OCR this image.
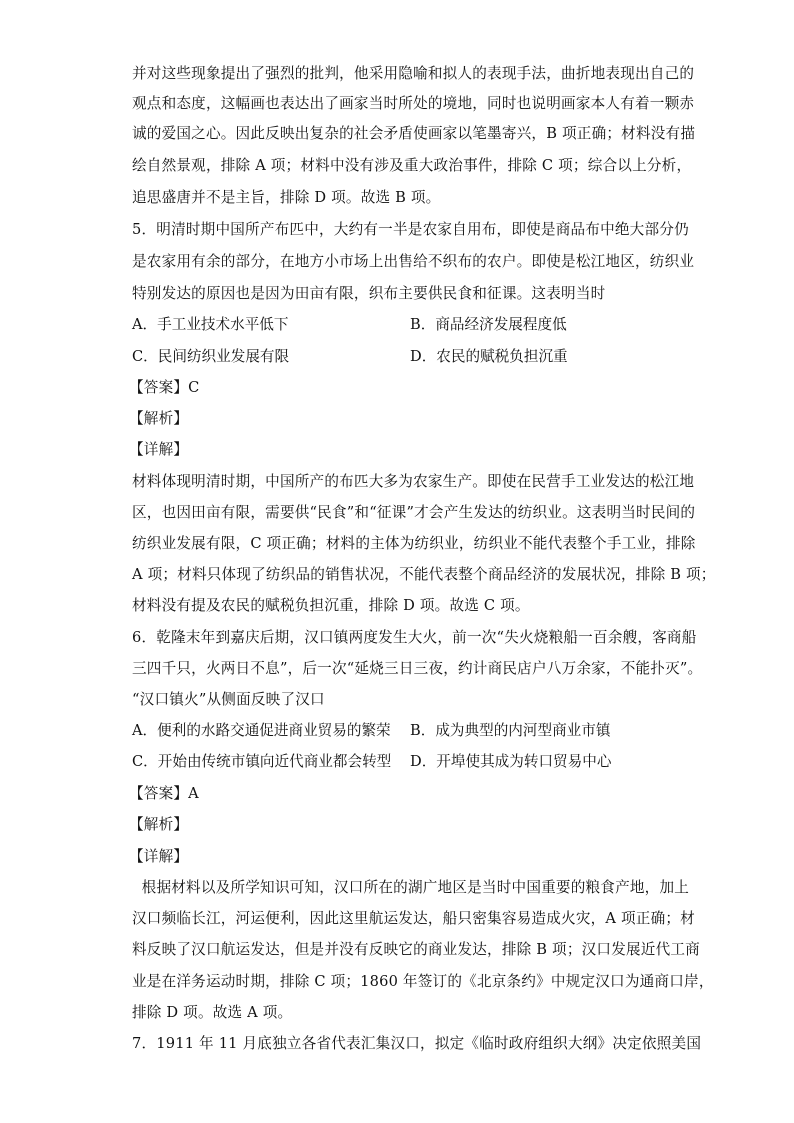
并对这些现象提出了强烈的批判，他采用隐喻和拟人的表现手法，曲折地表现出自己的
观点和态度，这幅画也表达出了画家当时所处的境地，同时也说明画家本人有着一颗赤
诚的爱国之心。因此反映出复杂的社会矛盾使画家以笔墨寄兴，B 项正确；材料没有描
绘自然景观，排除 A 项；材料中没有涉及重大政治事件，排除 C 项；综合以上分析，
追思盛唐并不是主旨，排除 D 项。故选 B 项。
5．明清时期中国所产布匹中，大约有一半是农家自用布，即使是商品布中绝大部分仍
是农家用有余的部分，在地方小市场上出售给不织布的农户。即使是松江地区，纺织业
特别发达的原因也是因为田亩有限，织布主要供民食和征课。这表明当时
A．手工业技术水平低下	B．商品经济发展程度低
C．民间纺织业发展有限	D．农民的赋税负担沉重
【答案】C
【解析】
【详解】
材料体现明清时期，中国所产的布匹大多为农家生产。即使在民营手工业发达的松江地
区，也因田亩有限，需要供“民食”和“征课”才会产生发达的纺织业。这表明当时民间的
纺织业发展有限，C 项正确；材料的主体为纺织业，纺织业不能代表整个手工业，排除
A 项；材料只体现了纺织品的销售状况，不能代表整个商品经济的发展状况，排除 B 项；
材料没有提及农民的赋税负担沉重，排除 D 项。故选 C 项。
6．乾隆末年到嘉庆后期，汉口镇两度发生大火，前一次“失火烧粮船一百余艘，客商船
三四千只，火两日不息”，后一次“延烧三日三夜，约计商民店户八万余家，不能扑灭”。
“汉口镇火”从侧面反映了汉口
A．便利的水路交通促进商业贸易的繁荣 B．成为典型的内河型商业市镇
C．开始由传统市镇向近代商业都会转型 D．开埠使其成为转口贸易中心
【答案】A
【解析】
【详解】
根据材料以及所学知识可知，汉口所在的湖广地区是当时中国重要的粮食产地，加上
汉口频临长江，河运便利，因此这里航运发达，船只密集容易造成火灾，A 项正确；材
料反映了汉口航运发达，但是并没有反映它的商业发达，排除 B 项；汉口发展近代工商
业是在洋务运动时期，排除 C 项；1860 年签订的《北京条约》中规定汉口为通商口岸，
排除 D 项。故选 A 项。
7．1911 年 11 月底独立各省代表汇集汉口，拟定《临时政府组织大纲》决定依照美国
